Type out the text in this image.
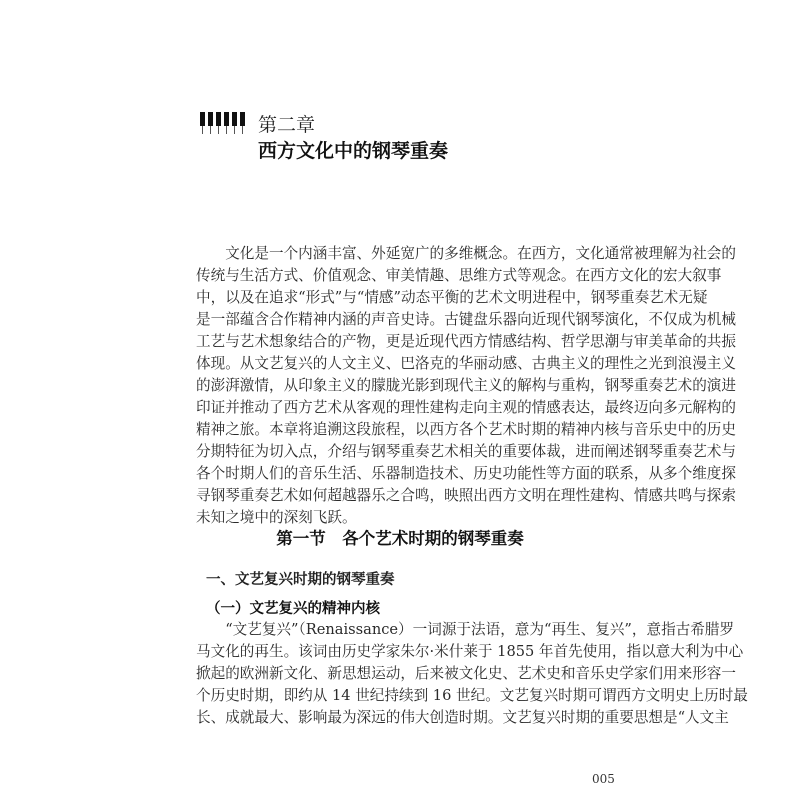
第二章
西方文化中的钢琴重奏
　　文化是一个内涵丰富、外延宽广的多维概念。在西方，文化通常被理解为社会的
传统与生活方式、价值观念、审美情趣、思维方式等观念。在西方文化的宏大叙事
中，以及在追求“形式”与“情感”动态平衡的艺术文明进程中，钢琴重奏艺术无疑
是一部蕴含合作精神内涵的声音史诗。古键盘乐器向近现代钢琴演化，不仅成为机械
工艺与艺术想象结合的产物，更是近现代西方情感结构、哲学思潮与审美革命的共振
体现。从文艺复兴的人文主义、巴洛克的华丽动感、古典主义的理性之光到浪漫主义
的澎湃激情，从印象主义的朦胧光影到现代主义的解构与重构，钢琴重奏艺术的演进
印证并推动了西方艺术从客观的理性建构走向主观的情感表达，最终迈向多元解构的
精神之旅。本章将追溯这段旅程，以西方各个艺术时期的精神内核与音乐史中的历史
分期特征为切入点，介绍与钢琴重奏艺术相关的重要体裁，进而阐述钢琴重奏艺术与
各个时期人们的音乐生活、乐器制造技术、历史功能性等方面的联系，从多个维度探
寻钢琴重奏艺术如何超越器乐之合鸣，映照出西方文明在理性建构、情感共鸣与探索
未知之境中的深刻飞跃。
第一节　各个艺术时期的钢琴重奏
一、文艺复兴时期的钢琴重奏
（一）文艺复兴的精神内核
　　“文艺复兴”（Renaissance）一词源于法语，意为“再生、复兴”，意指古希腊罗
马文化的再生。该词由历史学家朱尔·米什莱于 1855 年首先使用，指以意大利为中心
掀起的欧洲新文化、新思想运动，后来被文化史、艺术史和音乐史学家们用来形容一
个历史时期，即约从 14 世纪持续到 16 世纪。文艺复兴时期可谓西方文明史上历时最
长、成就最大、影响最为深远的伟大创造时期。文艺复兴时期的重要思想是“人文主
005
